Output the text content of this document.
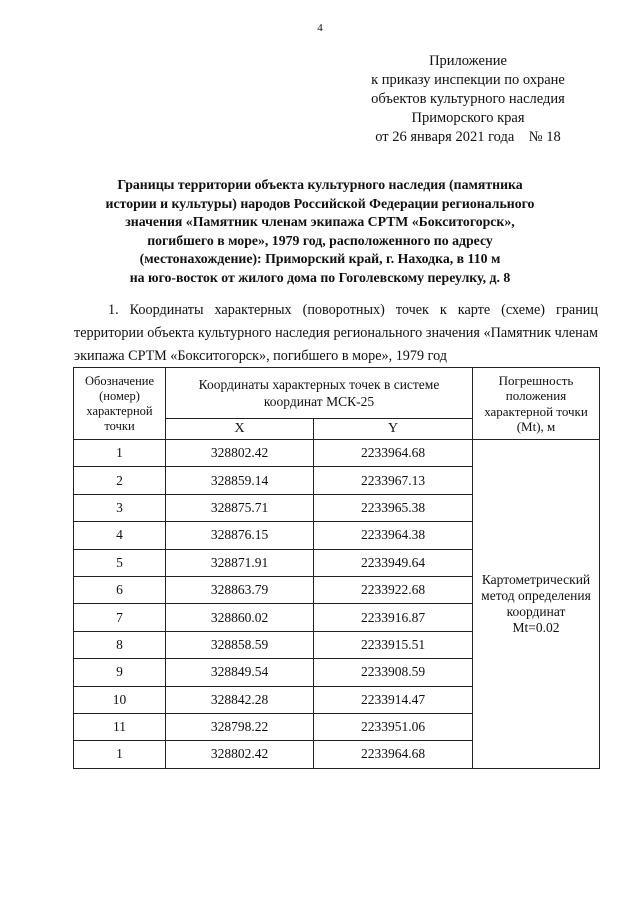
4
Приложение
к приказу инспекции по охране
объектов культурного наследия
Приморского края
от 26 января 2021 года    № 18
Границы территории объекта культурного наследия (памятника
истории и культуры) народов Российской Федерации регионального
значения «Памятник членам экипажа СРТМ «Бокситогорск»,
погибшего в море», 1979 год, расположенного по адресу
(местонахождение): Приморский край, г. Находка, в 110 м
на юго-восток от жилого дома по Гоголевскому переулку, д. 8
1. Координаты характерных (поворотных) точек к карте (схеме) границ территории объекта культурного наследия регионального значения «Памятник членам экипажа СРТМ «Бокситогорск», погибшего в море», 1979 год
Обозначение
(номер)
характерной
точки	Координаты характерных точек в системе
координат МСК-25		Погрешность
положения
характерной точки
(Mt), м
	X	Y	
1	328802.42	2233964.68	Картометрический
метод определения
координат
Mt=0.02

2	328859.14	2233967.13	
3	328875.71	2233965.38	
4	328876.15	2233964.38	
5	328871.91	2233949.64	
6	328863.79	2233922.68	
7	328860.02	2233916.87	
8	328858.59	2233915.51	
9	328849.54	2233908.59	
10	328842.28	2233914.47	
11	328798.22	2233951.06	
1	328802.42	2233964.68	
